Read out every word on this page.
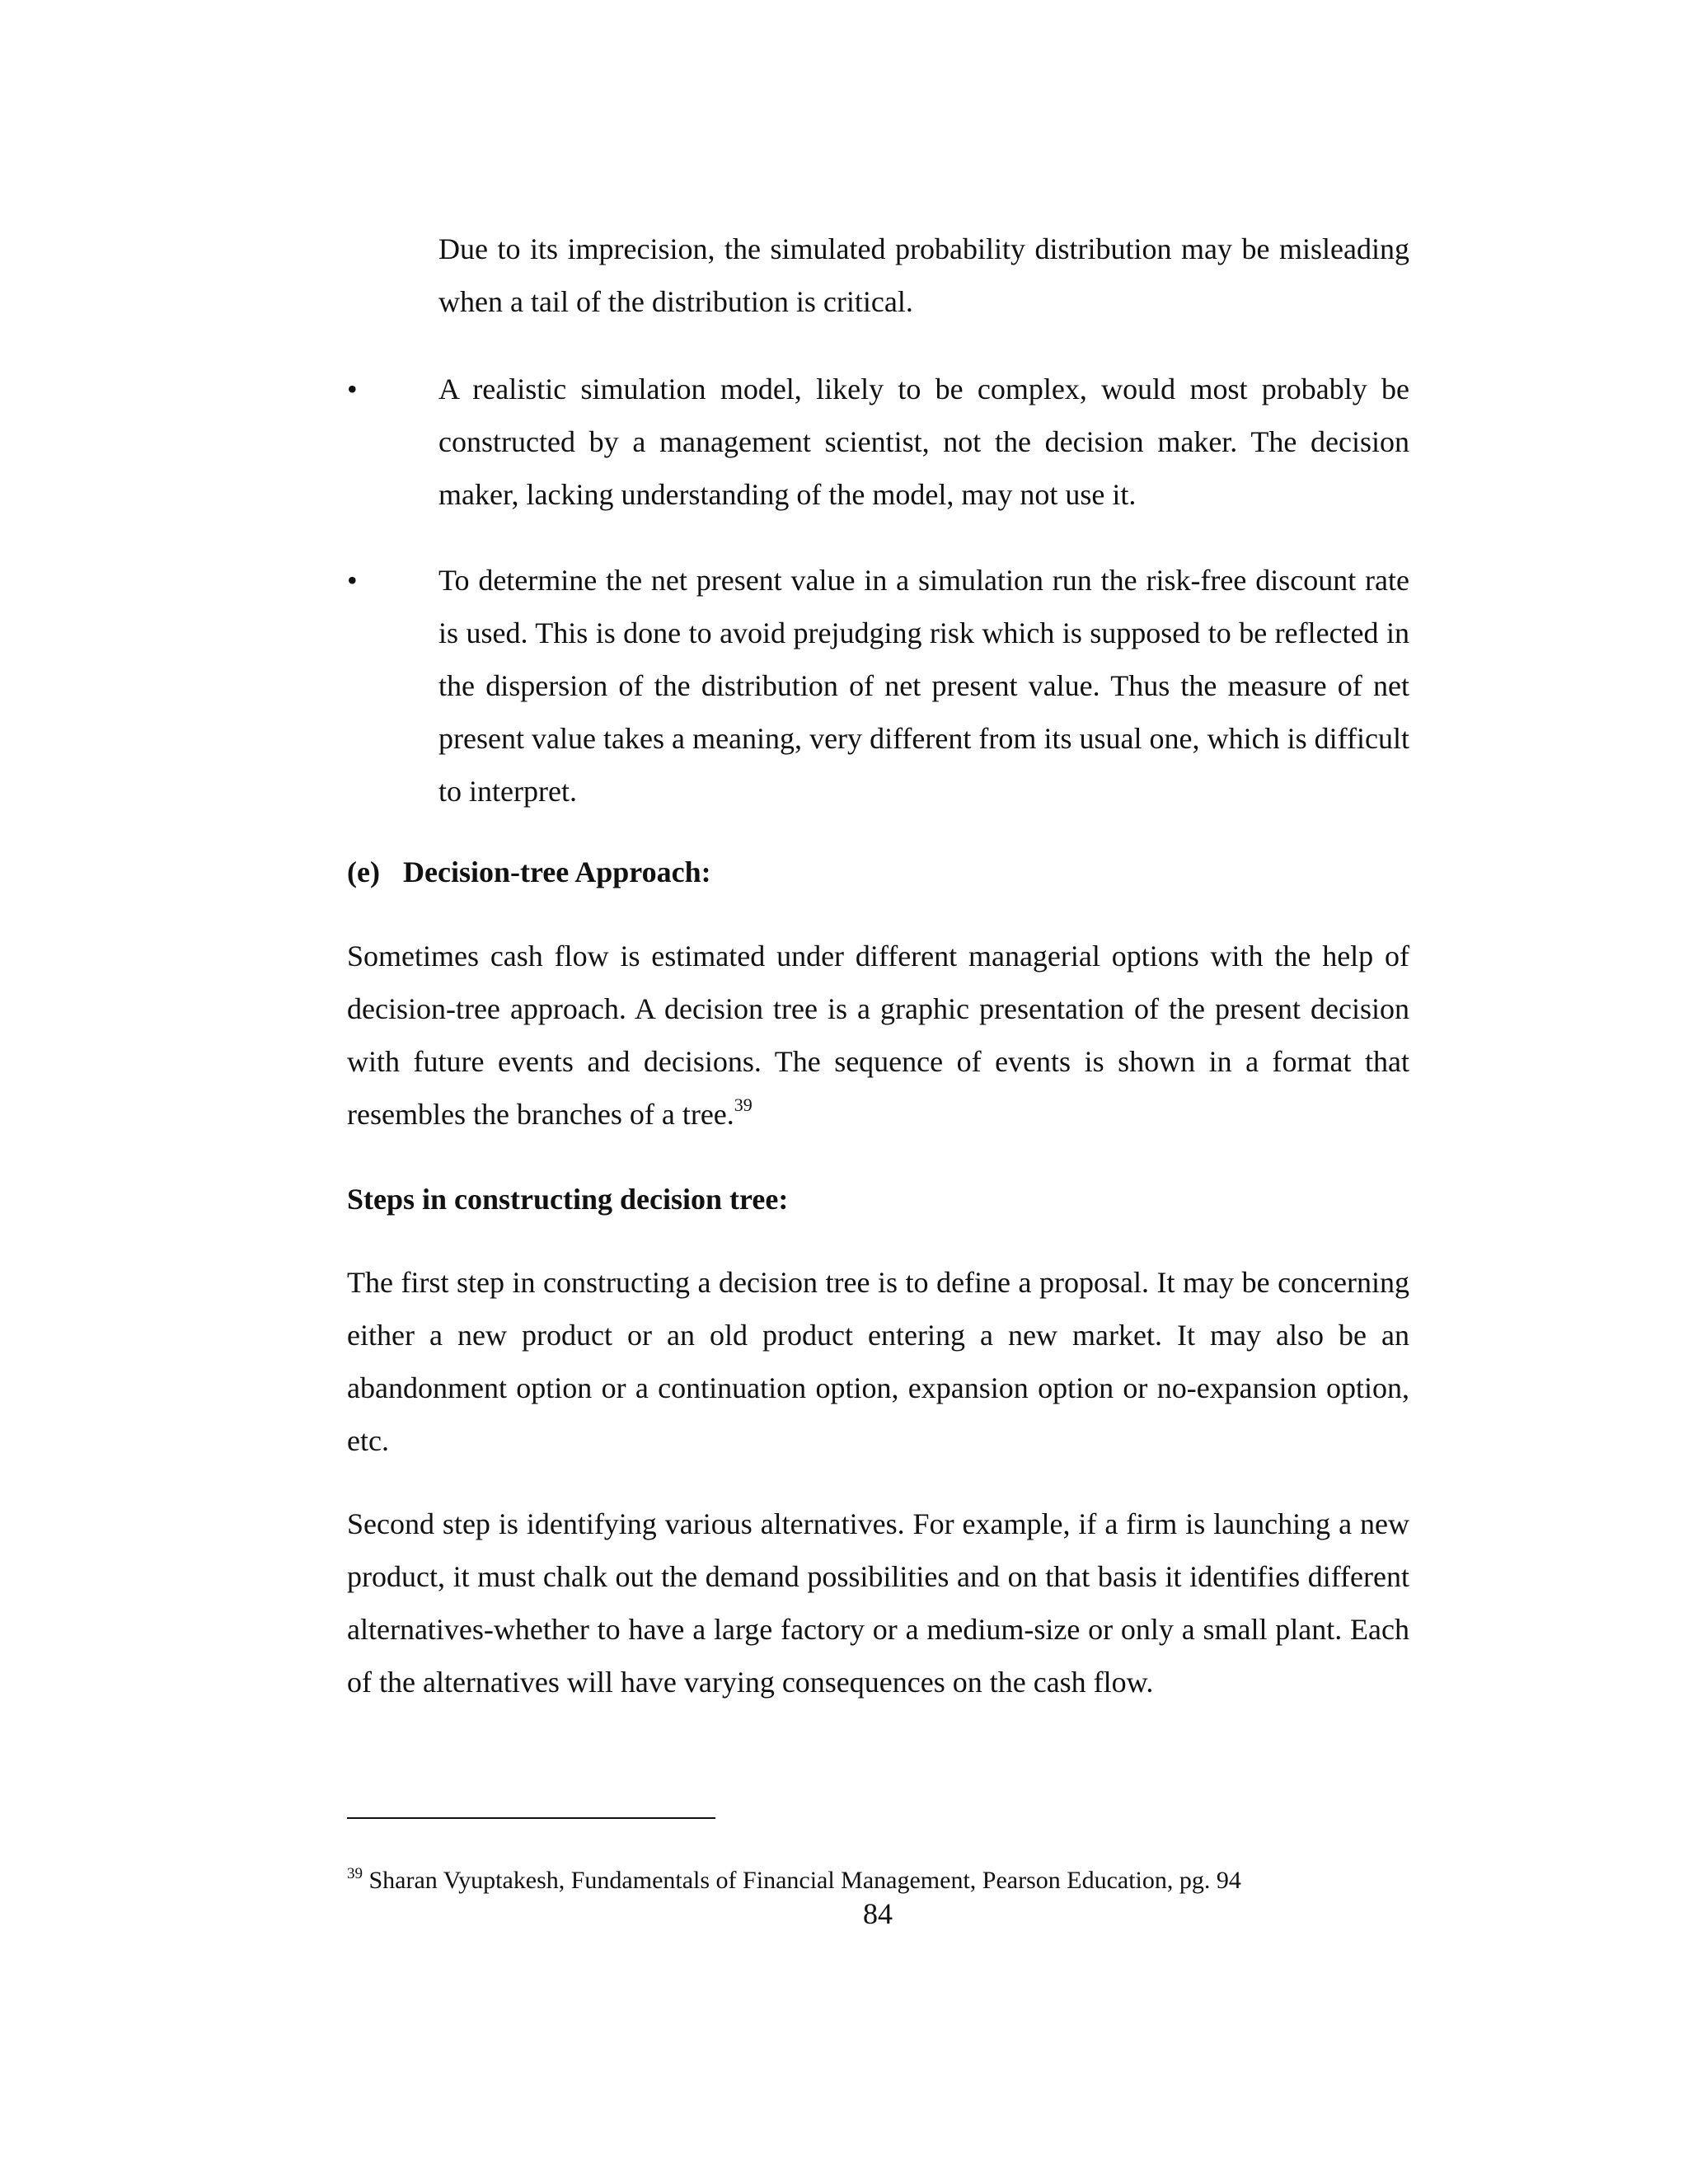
Due to its imprecision, the simulated probability distribution may be misleading when a tail of the distribution is critical.

•	A realistic simulation model, likely to be complex, would most probably be constructed by a management scientist, not the decision maker. The decision maker, lacking understanding of the model, may not use it.

•	To determine the net present value in a simulation run the risk-free discount rate is used. This is done to avoid prejudging risk which is supposed to be reflected in the dispersion of the distribution of net present value. Thus the measure of net present value takes a meaning, very different from its usual one, which is difficult to interpret.

(e) Decision-tree Approach:

Sometimes cash flow is estimated under different managerial options with the help of decision-tree approach. A decision tree is a graphic presentation of the present decision with future events and decisions. The sequence of events is shown in a format that resembles the branches of a tree.$^{39}$

Steps in constructing decision tree:

The first step in constructing a decision tree is to define a proposal. It may be concerning either a new product or an old product entering a new market. It may also be an abandonment option or a continuation option, expansion option or no-expansion option, etc.

Second step is identifying various alternatives. For example, if a firm is launching a new product, it must chalk out the demand possibilities and on that basis it identifies different alternatives-whether to have a large factory or a medium-size or only a small plant. Each of the alternatives will have varying consequences on the cash flow.

$^{39}$ Sharan Vyuptakesh, Fundamentals of Financial Management, Pearson Education, pg. 94

84
